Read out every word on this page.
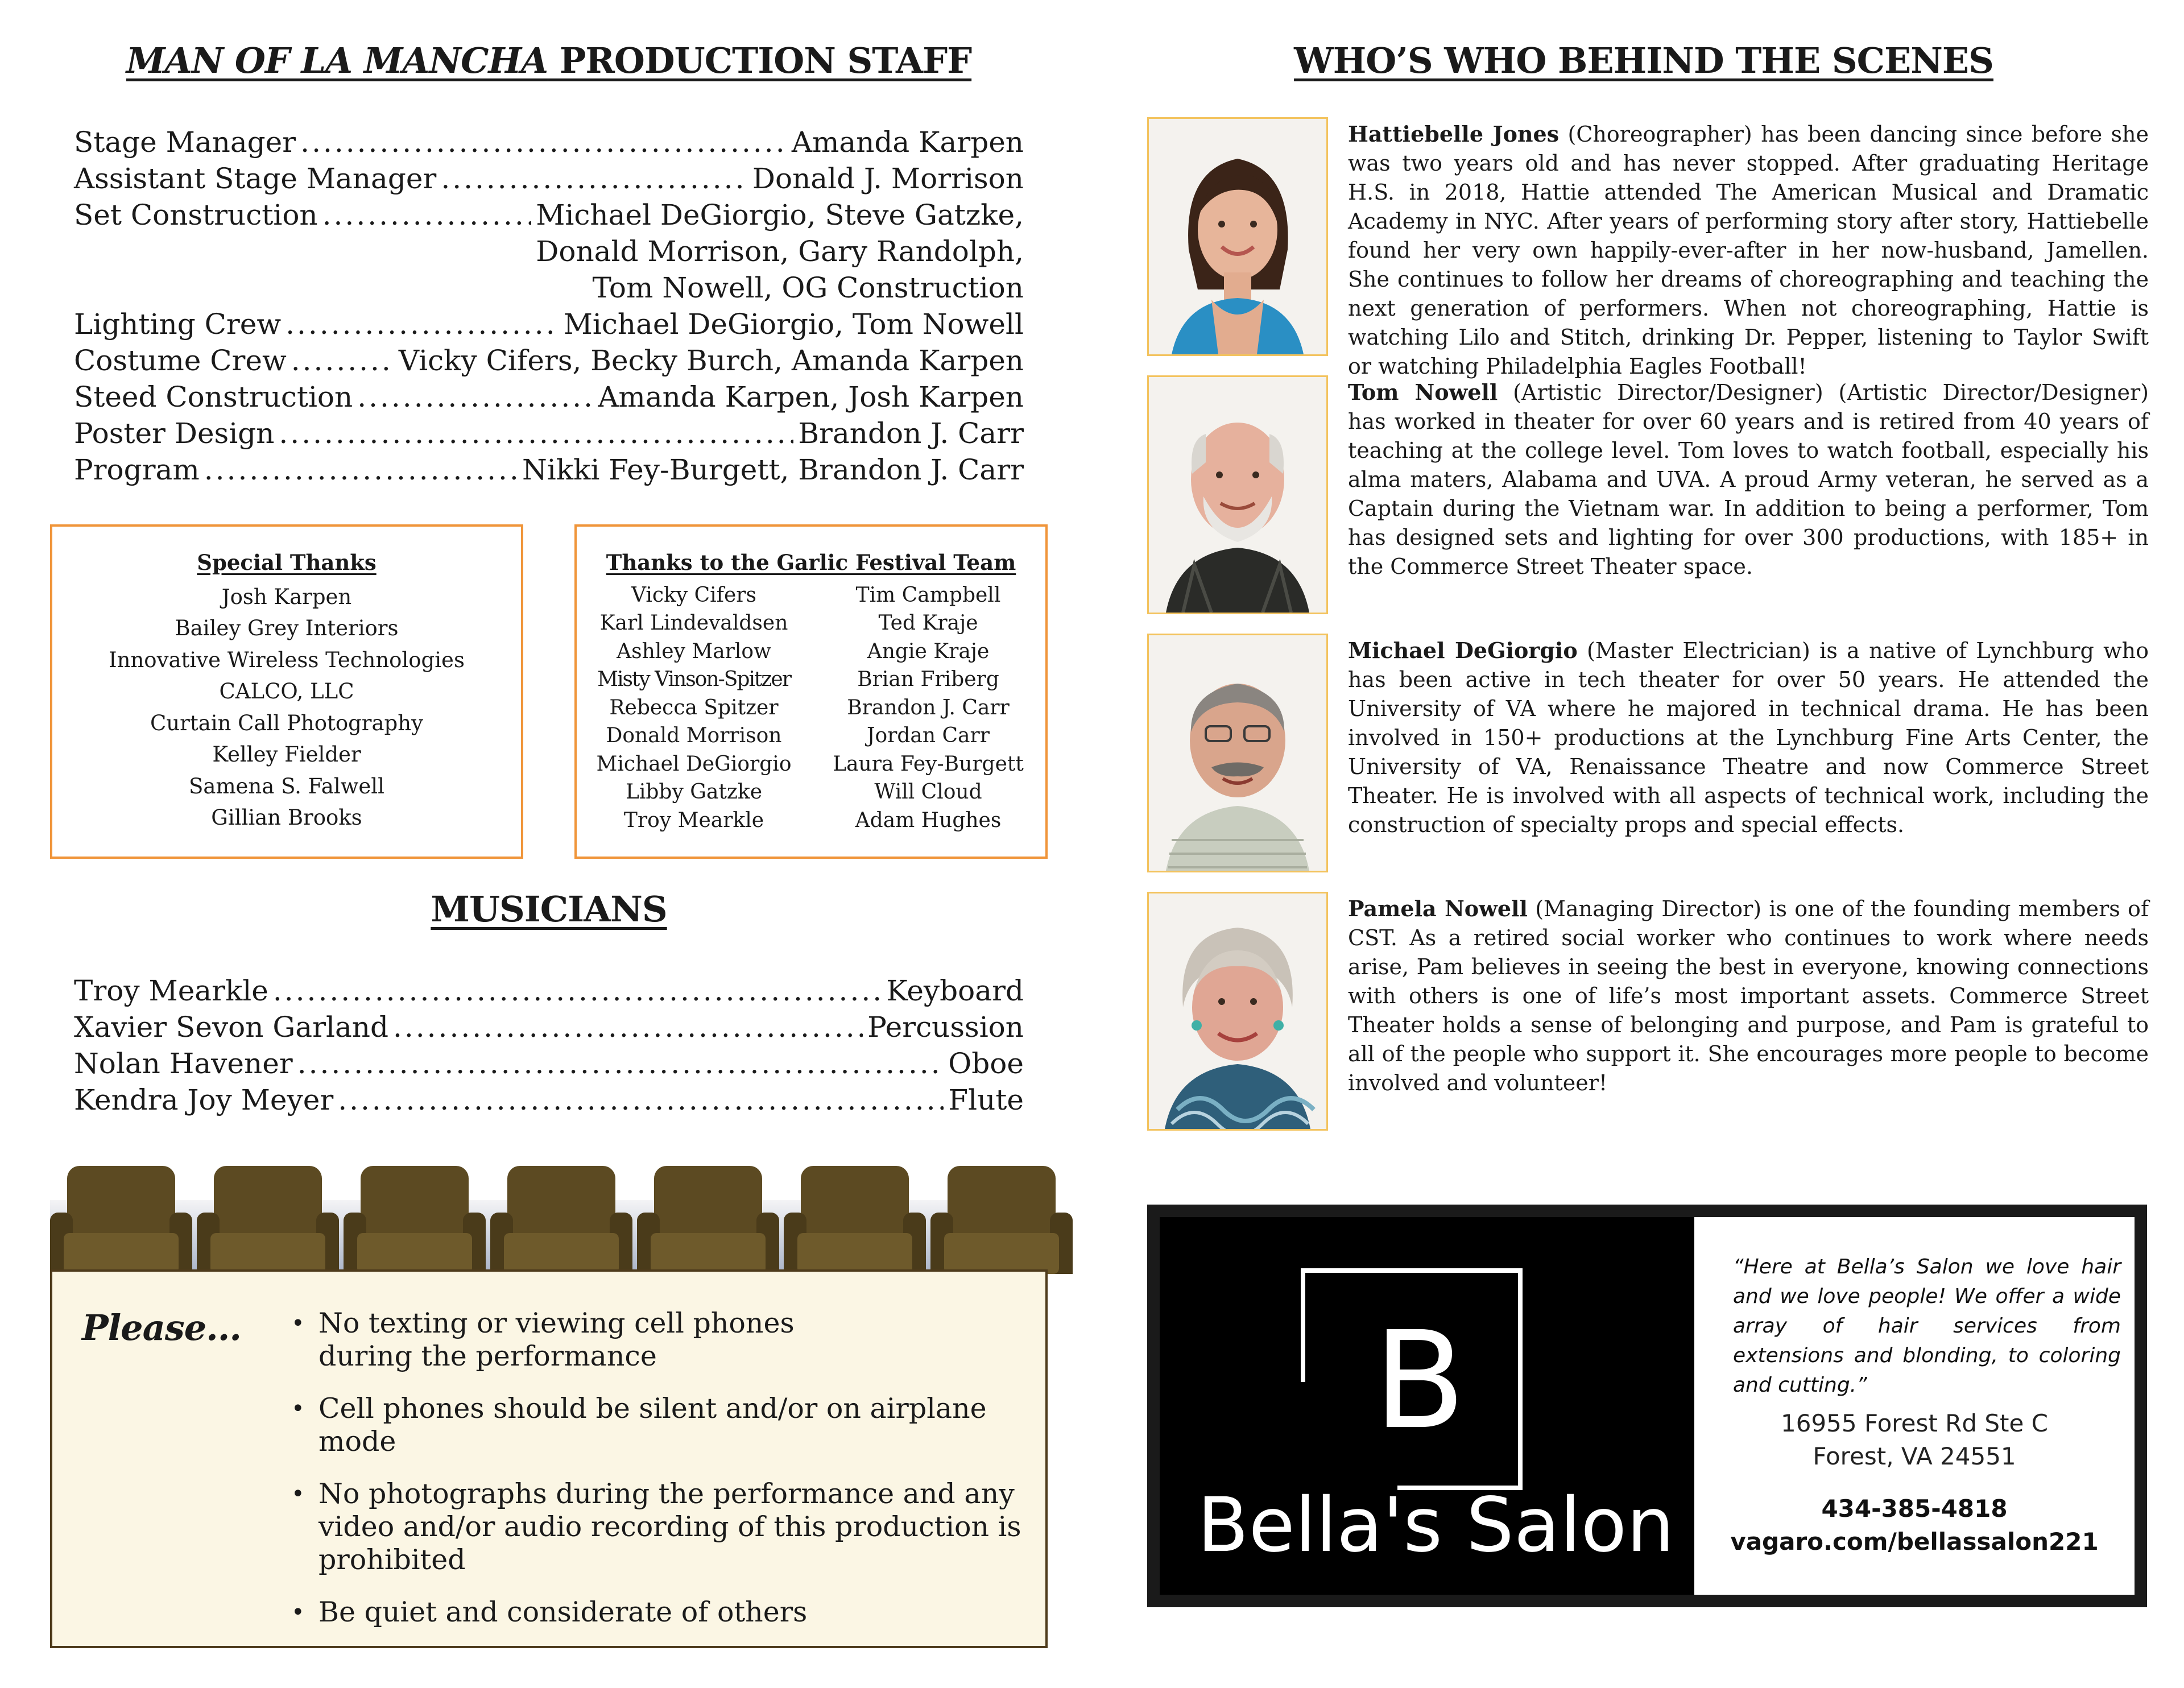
MAN OF LA MANCHA PRODUCTION STAFF
Stage Manager .....	Amanda Karpen
Assistant Stage Manager .....	Donald J. Morrison
Set Construction .....	Michael DeGiorgio, Steve Gatzke,
Donald Morrison, Gary Randolph,
Tom Nowell, OG Construction
Lighting Crew .....	Michael DeGiorgio, Tom Nowell
Costume Crew .....	Vicky Cifers, Becky Burch, Amanda Karpen
Steed Construction .....	Amanda Karpen, Josh Karpen
Poster Design .....	Brandon J. Carr
Program .....	Nikki Fey-Burgett, Brandon J. Carr
Special Thanks
Josh Karpen
Bailey Grey Interiors
Innovative Wireless Technologies
CALCO, LLC
Curtain Call Photography
Kelley Fielder
Samena S. Falwell
Gillian Brooks
Thanks to the Garlic Festival Team
Vicky Cifers
Karl Lindevaldsen
Ashley Marlow
Misty Vinson-Spitzer
Rebecca Spitzer
Donald Morrison
Michael DeGiorgio
Libby Gatzke
Troy Mearkle
Tim Campbell
Ted Kraje
Angie Kraje
Brian Friberg
Brandon J. Carr
Jordan Carr
Laura Fey-Burgett
Will Cloud
Adam Hughes
MUSICIANS
Troy Mearkle .....	Keyboard
Xavier Sevon Garland .....	Percussion
Nolan Havener .....	Oboe
Kendra Joy Meyer .....	Flute
Please...	• No texting or viewing cell phones during the performance
• Cell phones should be silent and/or on airplane mode
• No photographs during the performance and any video and/or audio recording of this production is prohibited
• Be quiet and considerate of others
WHO’S WHO BEHIND THE SCENES
Hattiebelle Jones (Choreographer) has been dancing since before she was two years old and has never stopped. After graduating Heritage H.S. in 2018, Hattie attended The American Musical and Dramatic Academy in NYC. After years of performing story after story, Hattiebelle found her very own happily-ever-after in her now-husband, Jamellen. She continues to follow her dreams of choreographing and teaching the next generation of performers. When not choreographing, Hattie is watching Lilo and Stitch, drinking Dr. Pepper, listening to Taylor Swift or watching Philadelphia Eagles Football!
Tom Nowell (Artistic Director/Designer) (Artistic Director/Designer) has worked in theater for over 60 years and is retired from 40 years of teaching at the college level. Tom loves to watch football, especially his alma maters, Alabama and UVA. A proud Army veteran, he served as a Captain during the Vietnam war. In addition to being a performer, Tom has designed sets and lighting for over 300 productions, with 185+ in the Commerce Street Theater space.
Michael DeGiorgio (Master Electrician) is a native of Lynchburg who has been active in tech theater for over 50 years. He attended the University of VA where he majored in technical drama. He has been involved in 150+ productions at the Lynchburg Fine Arts Center, the University of VA, Renaissance Theatre and now Commerce Street Theater. He is involved with all aspects of technical work, including the construction of specialty props and special effects.
Pamela Nowell (Managing Director) is one of the founding members of CST. As a retired social worker who continues to work where needs arise, Pam believes in seeing the best in everyone, knowing connections with others is one of life’s most important assets. Commerce Street Theater holds a sense of belonging and purpose, and Pam is grateful to all of the people who support it. She encourages more people to become involved and volunteer!
B
Bella's Salon
“Here at Bella’s Salon we love hair and we love people! We offer a wide array of hair services from extensions and blonding, to coloring and cutting.”
16955 Forest Rd Ste C
Forest, VA 24551
434-385-4818
vagaro.com/bellassalon221
